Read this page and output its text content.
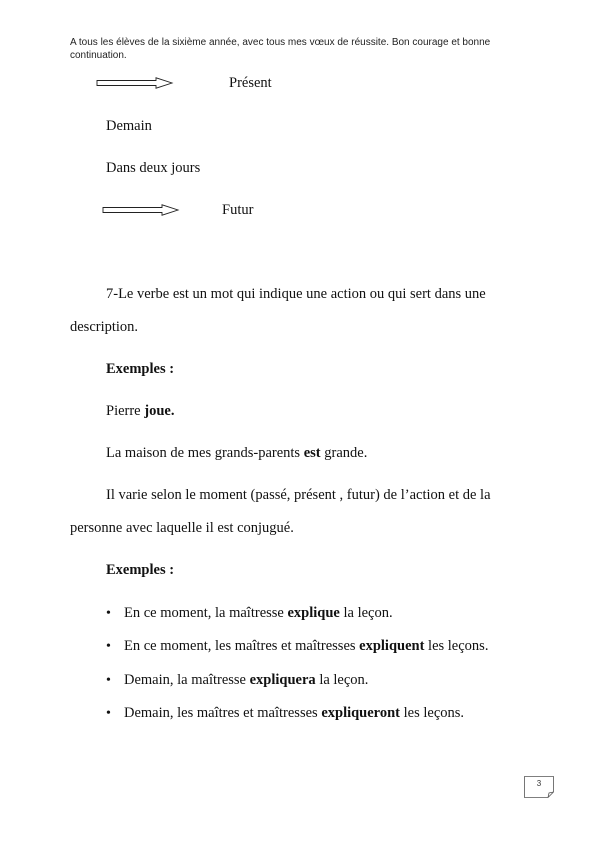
A tous les élèves de la sixième année, avec tous mes vœux de réussite. Bon courage et bonne continuation.
Présent
Demain
Dans deux jours
Futur
7-Le verbe est un mot qui indique une action ou qui sert dans une
description.
Exemples :
Pierre joue.
La maison de mes grands-parents est grande.
Il varie selon le moment (passé, présent , futur) de l’action et de la
personne avec laquelle il est conjugué.
Exemples :
• En ce moment, la maîtresse explique la leçon.
• En ce moment, les maîtres et maîtresses expliquent les leçons.
• Demain, la maîtresse expliquera la leçon.
• Demain, les maîtres et maîtresses expliqueront les leçons.
3
